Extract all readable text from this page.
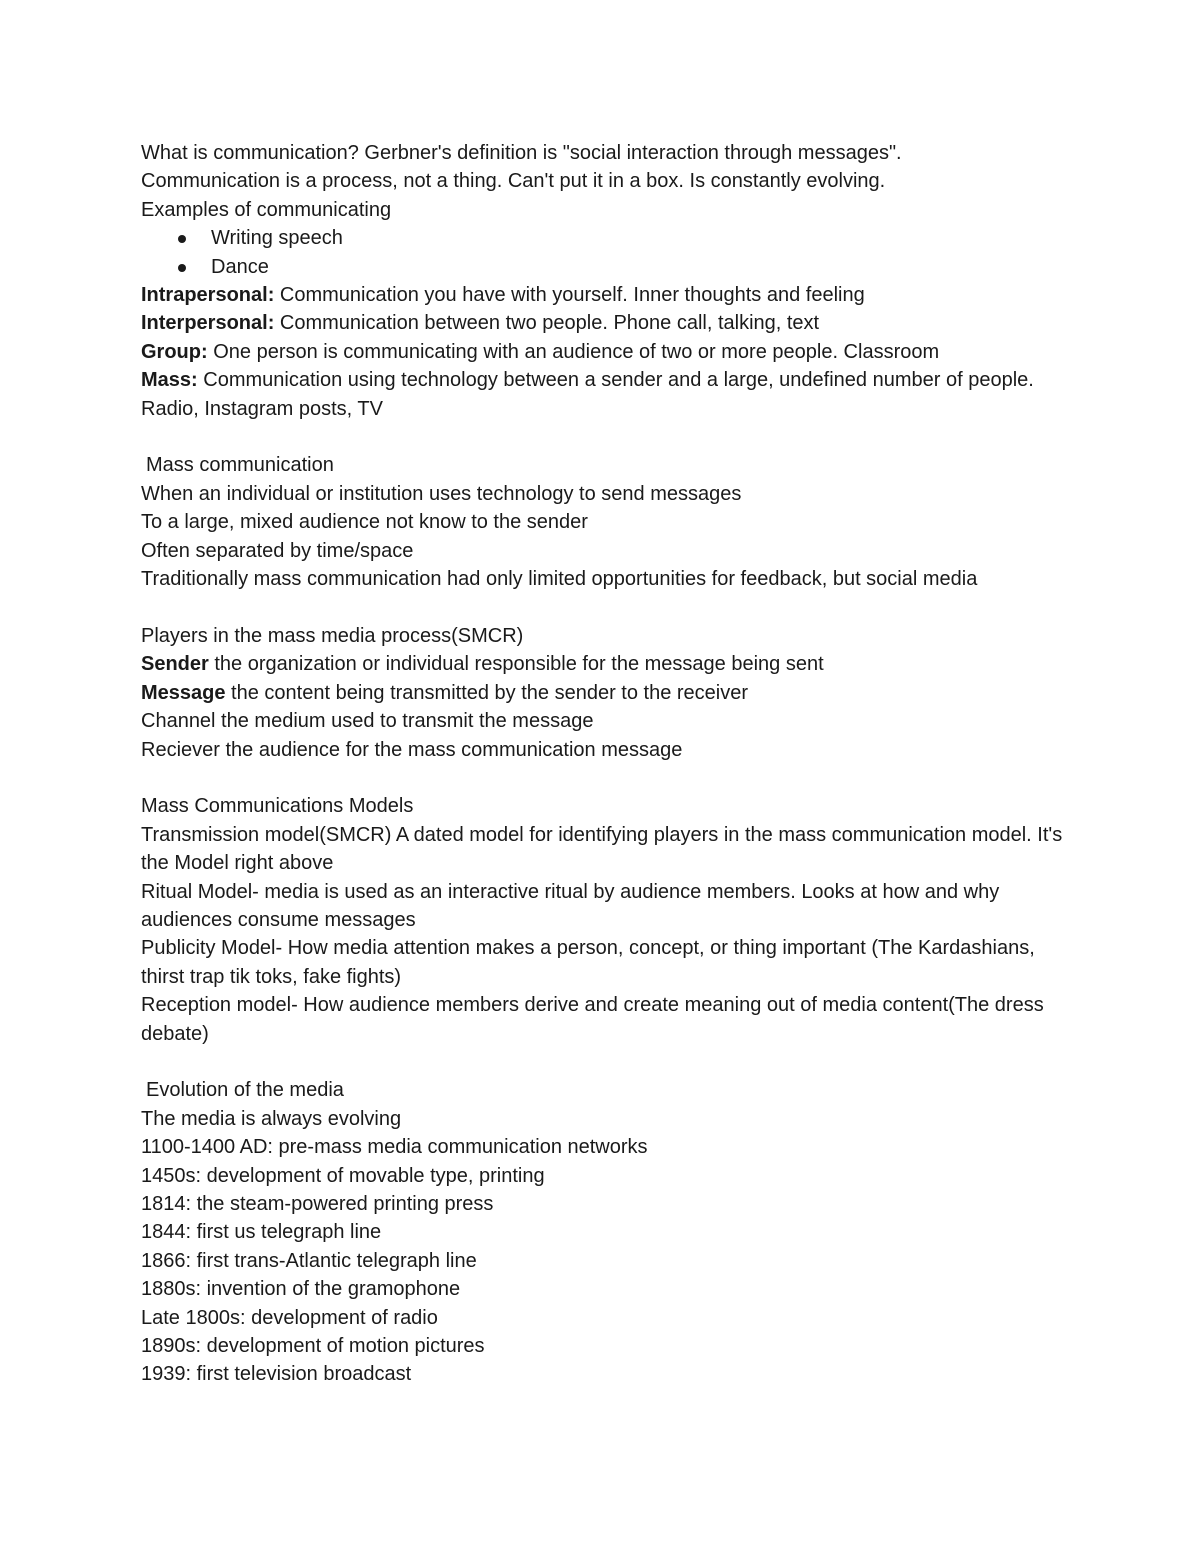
What is communication? Gerbner's definition is "social interaction through messages".

Communication is a process, not a thing. Can't put it in a box. Is constantly evolving.

Examples of communicating

Writing speech
Dance

Intrapersonal: Communication you have with yourself. Inner thoughts and feeling

Interpersonal: Communication between two people. Phone call, talking, text

Group: One person is communicating with an audience of two or more people. Classroom

Mass: Communication using technology between a sender and a large, undefined number of people. Radio, Instagram posts, TV

Mass communication

When an individual or institution uses technology to send messages

To a large, mixed audience not know to the sender

Often separated by time/space

Traditionally mass communication had only limited opportunities for feedback, but social media

Players in the mass media process(SMCR)

Sender the organization or individual responsible for the message being sent

Message the content being transmitted by the sender to the receiver

Channel the medium used to transmit the message

Reciever the audience for the mass communication message

Mass Communications Models

Transmission model(SMCR) A dated model for identifying players in the mass communication model. It's the Model right above

Ritual Model- media is used as an interactive ritual by audience members. Looks at how and why audiences consume messages

Publicity Model- How media attention makes a person, concept, or thing important (The Kardashians, thirst trap tik toks, fake fights)

Reception model- How audience members derive and create meaning out of media content(The dress debate)

Evolution of the media

The media is always evolving

1100-1400 AD: pre-mass media communication networks

1450s: development of movable type, printing

1814: the steam-powered printing press

1844: first us telegraph line

1866: first trans-Atlantic telegraph line

1880s: invention of the gramophone

Late 1800s: development of radio

1890s: development of motion pictures

1939: first television broadcast
